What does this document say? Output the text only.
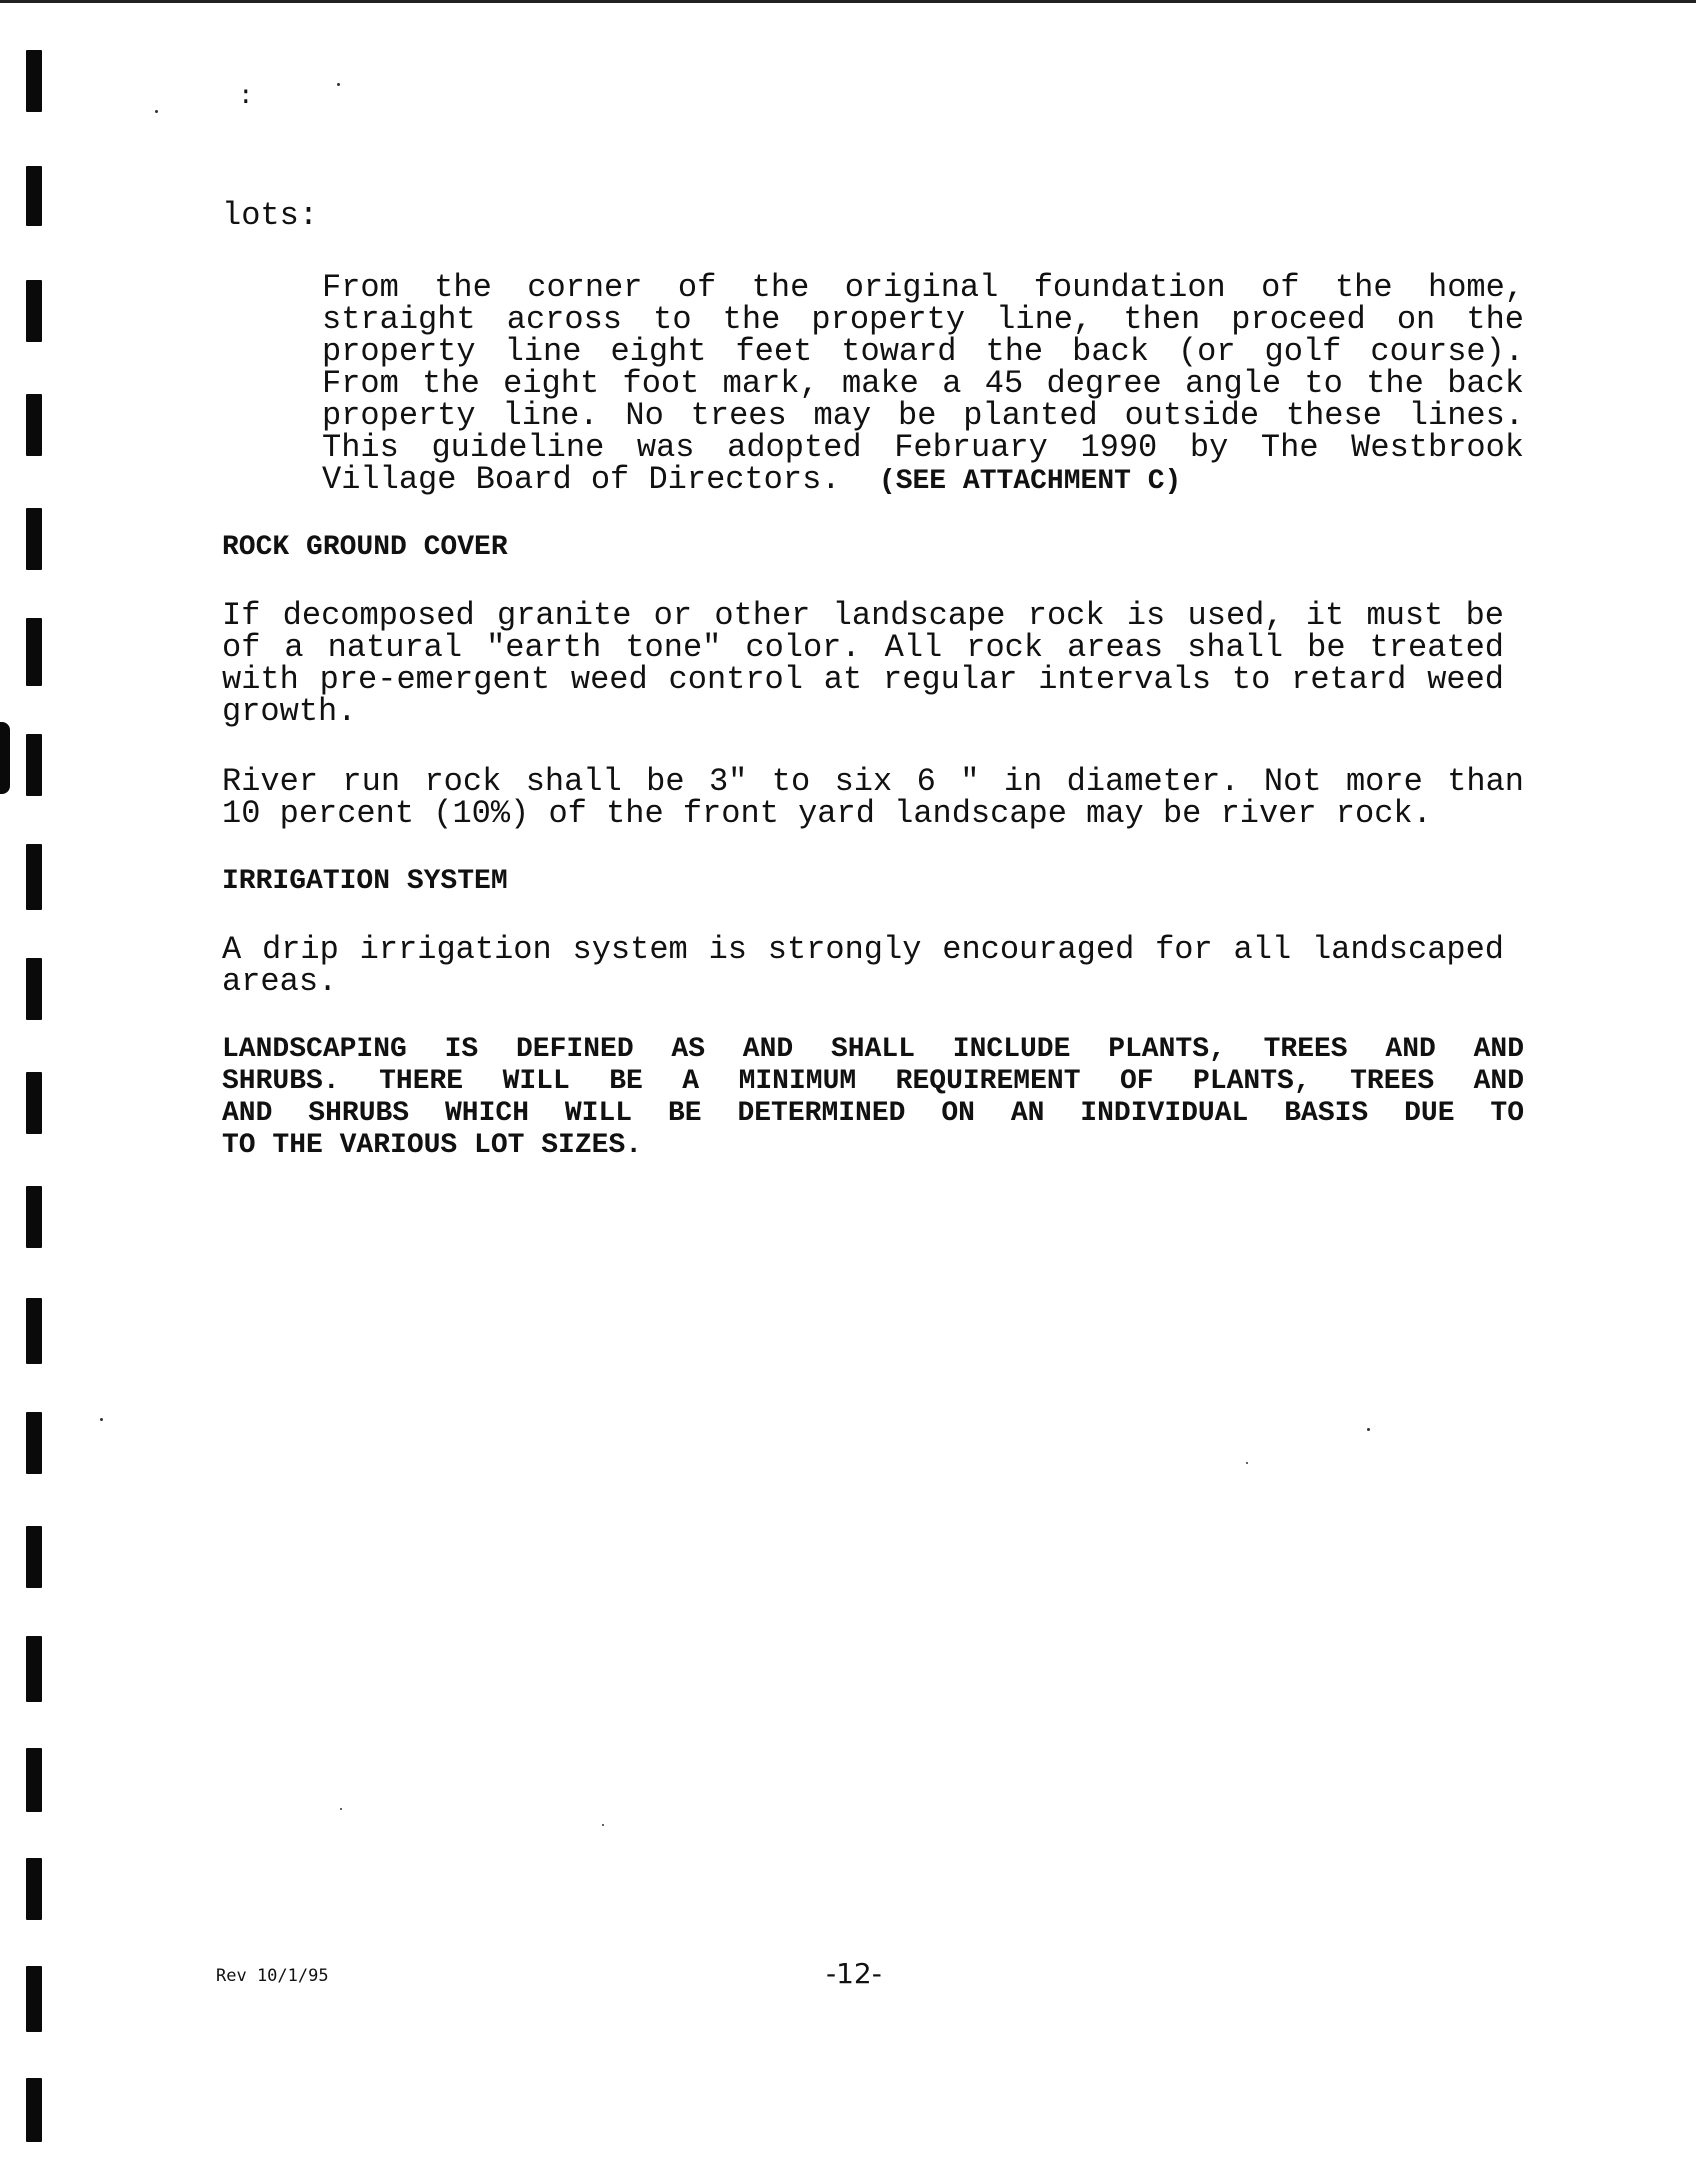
:

lots:

From the corner of the original foundation of the home,

straight across to the property line, then proceed on the

property line eight feet toward the back (or golf course).

From the eight foot mark, make a 45 degree angle to the back

property line. No trees may be planted outside these lines.

This guideline was adopted February 1990 by The Westbrook

Village Board of Directors. (SEE ATTACHMENT C)

ROCK GROUND COVER

If decomposed granite or other landscape rock is used, it must be

of a natural "earth tone" color. All rock areas shall be treated

with pre-emergent weed control at regular intervals to retard weed

growth.

River run rock shall be 3" to six 6 " in diameter. Not more than

10 percent (10%) of the front yard landscape may be river rock.

IRRIGATION SYSTEM

A drip irrigation system is strongly encouraged for all landscaped

areas.

LANDSCAPING IS DEFINED AS AND SHALL INCLUDE PLANTS, TREES AND AND

SHRUBS. THERE WILL BE A MINIMUM REQUIREMENT OF PLANTS, TREES AND

AND SHRUBS WHICH WILL BE DETERMINED ON AN INDIVIDUAL BASIS DUE TO

TO THE VARIOUS LOT SIZES.

Rev 10/1/95	-12-
